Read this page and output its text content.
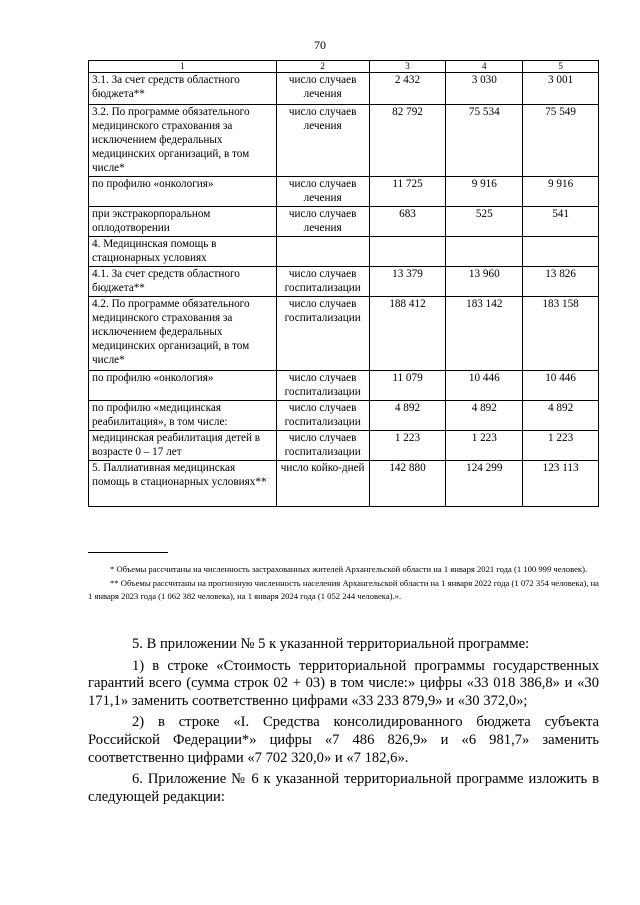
70
1	2	3	4	5
3.1. За счет средств областного бюджета**	число случаев лечения	2 432	3 030	3 001
3.2. По программе обязательного медицинского страхования за исключением федеральных медицинских организаций, в том числе*	число случаев лечения	82 792	75 534	75 549
по профилю «онкология»	число случаев лечения	11 725	9 916	9 916
при экстракорпоральном оплодотворении	число случаев лечения	683	525	541
4. Медицинская помощь в стационарных условиях				
4.1. За счет средств областного бюджета**	число случаев госпитализации	13 379	13 960	13 826
4.2. По программе обязательного медицинского страхования за исключением федеральных медицинских организаций, в том числе*	число случаев госпитализации	188 412	183 142	183 158
по профилю «онкология»	число случаев госпитализации	11 079	10 446	10 446
по профилю «медицинская реабилитация», в том числе:	число случаев госпитализации	4 892	4 892	4 892
медицинская реабилитация детей в возрасте 0 – 17 лет	число случаев госпитализации	1 223	1 223	1 223
5. Паллиативная медицинская помощь в стационарных условиях**	число койко-дней	142 880	124 299	123 113

* Объемы рассчитаны на численность застрахованных жителей Архангельской области на 1 января 2021 года (1 100 999 человек).

** Объемы рассчитаны на прогнозную численность населения Архангельской области на 1 января 2022 года (1 072 354 человека), на 1 января 2023 года (1 062 382 человека), на 1 января 2024 года (1 052 244 человека).».

5. В приложении № 5 к указанной территориальной программе:

1) в строке «Стоимость территориальной программы государственных гарантий всего (сумма строк 02 + 03) в том числе:» цифры «33 018 386,8» и «30 171,1» заменить соответственно цифрами «33 233 879,9» и «30 372,0»;

2) в строке «I. Средства консолидированного бюджета субъекта Российской Федерации*» цифры «7 486 826,9» и «6 981,7» заменить соответственно цифрами «7 702 320,0» и «7 182,6».

6. Приложение № 6 к указанной территориальной программе изложить в следующей редакции:
